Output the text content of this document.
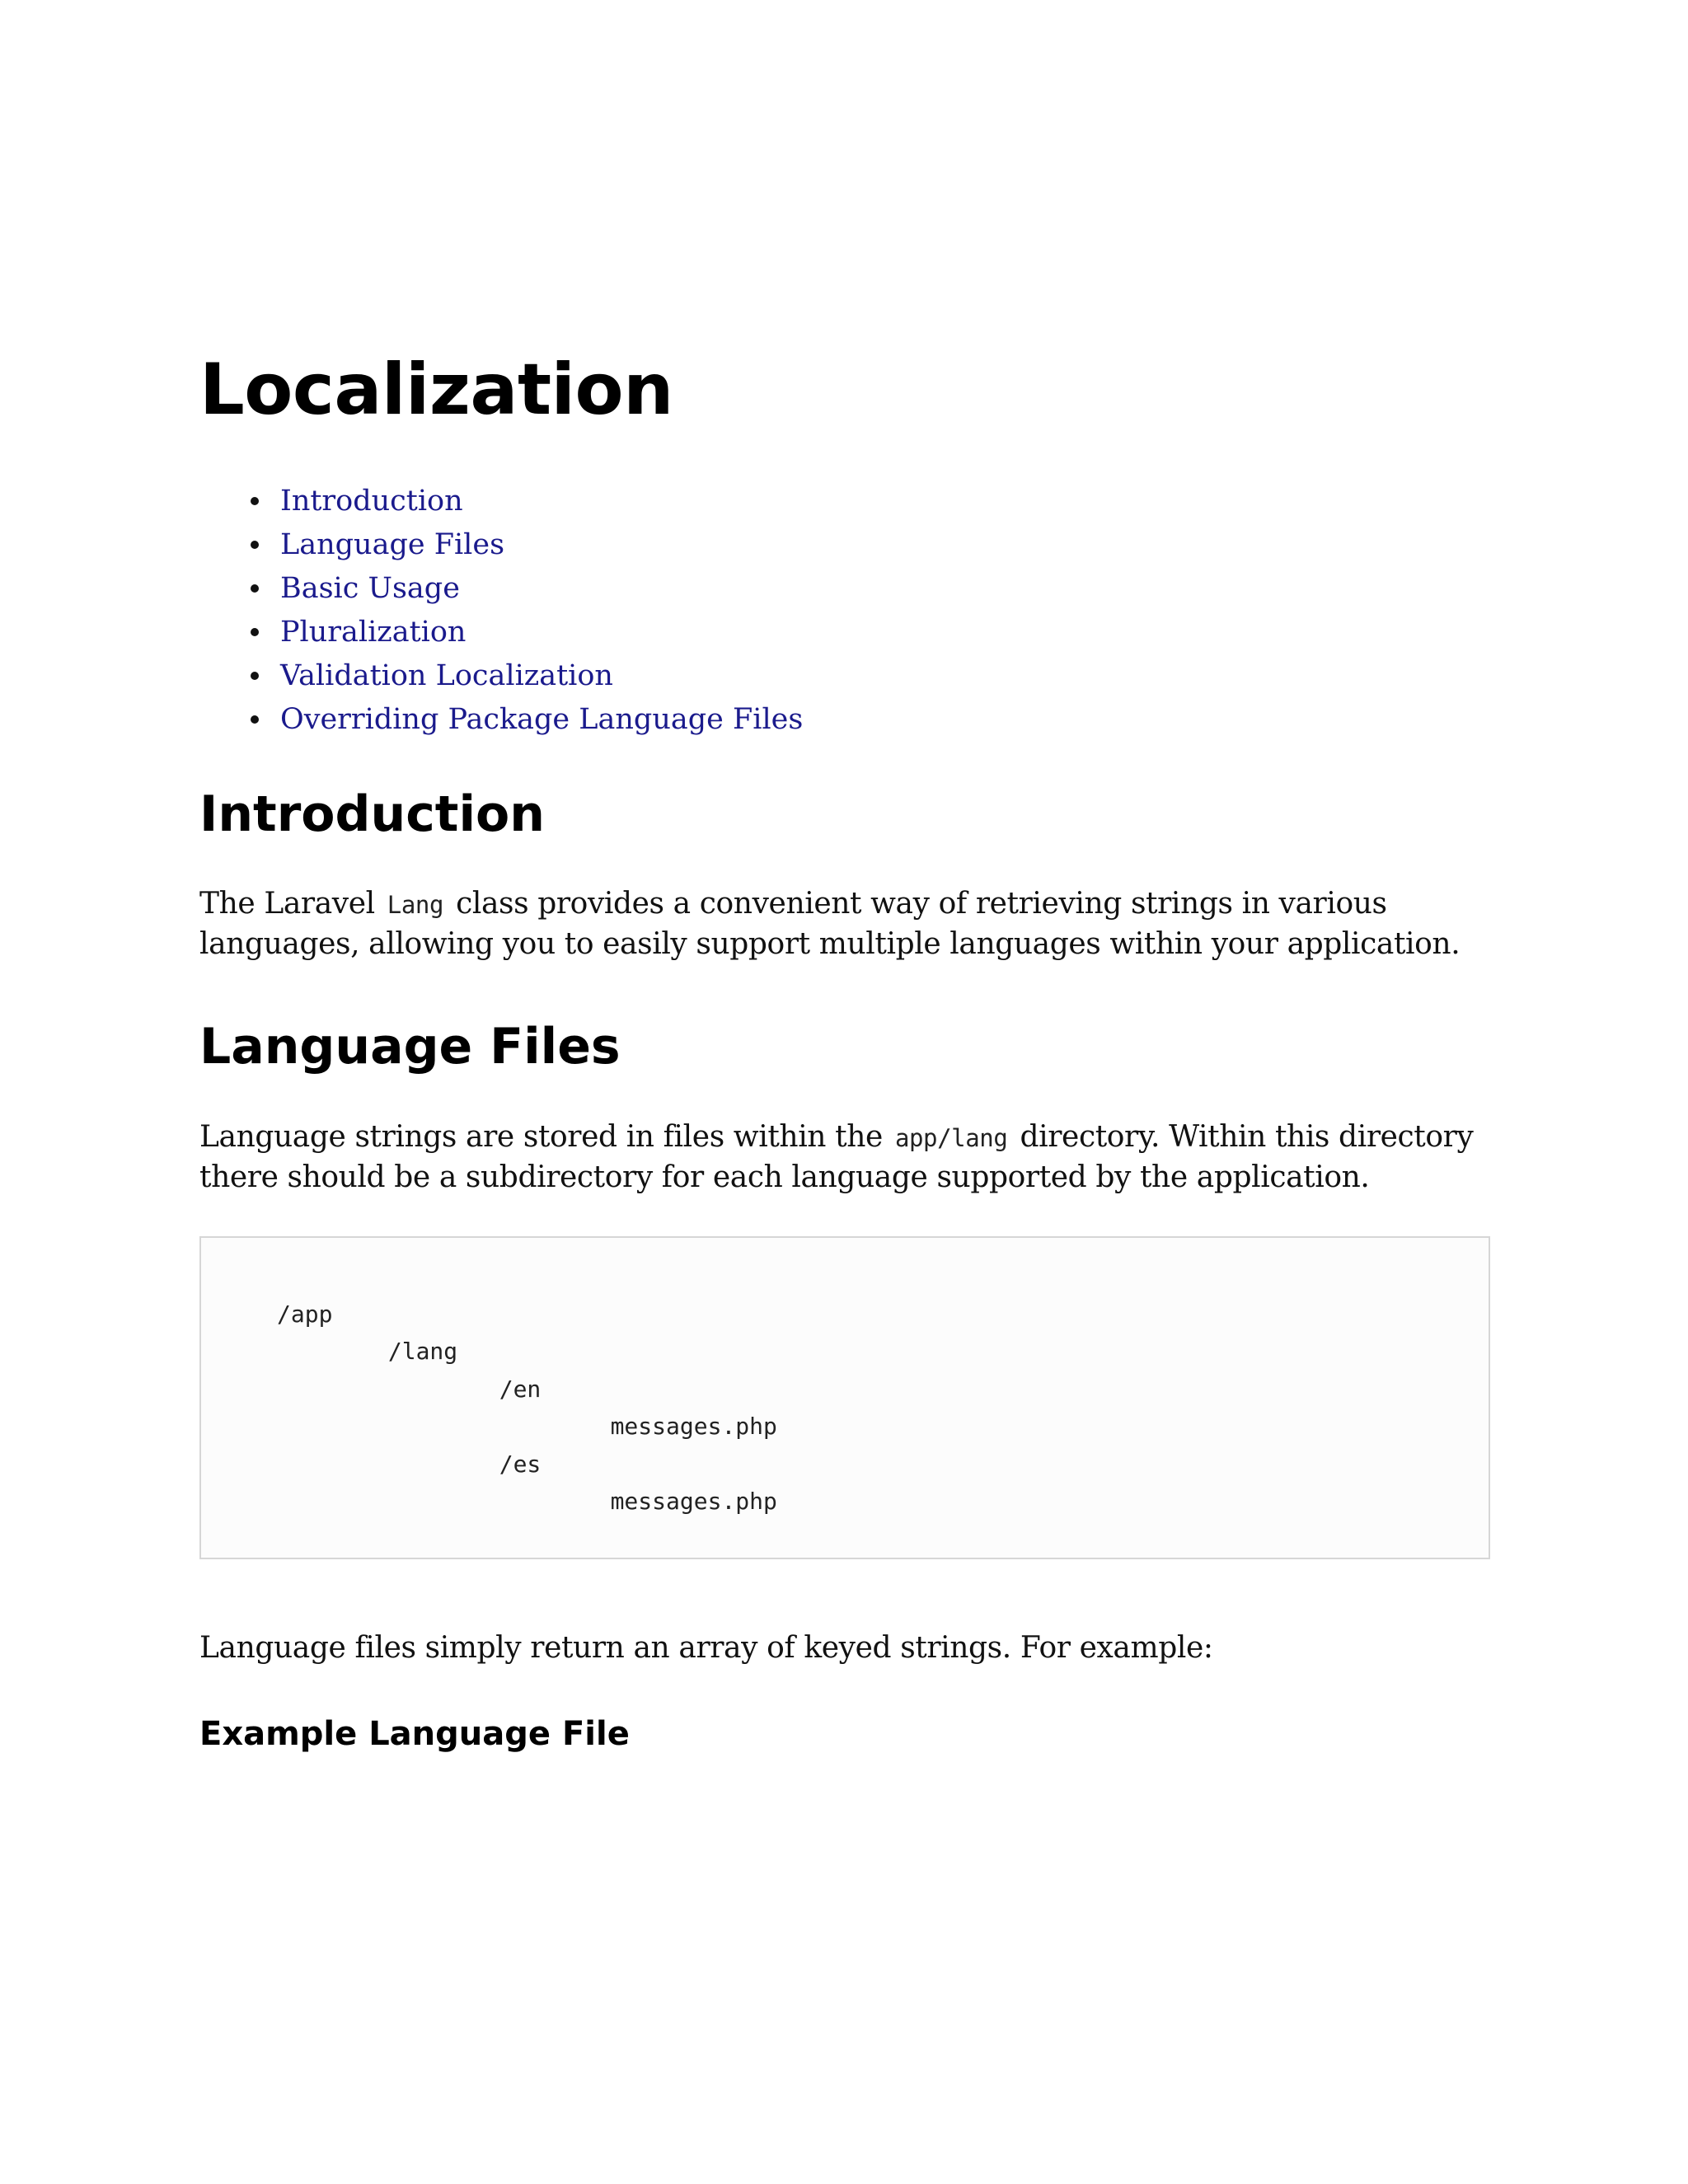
Localization
Introduction
Language Files
Basic Usage
Pluralization
Validation Localization
Overriding Package Language Files
Introduction

The Laravel Lang class provides a convenient way of retrieving strings in various languages, allowing you to easily support multiple languages within your application.

Language Files

Language strings are stored in files within the app/lang directory. Within this directory there should be a subdirectory for each language supported by the application.

/app
/lang
/en
messages.php
/es
messages.php

Language files simply return an array of keyed strings. For example:

Example Language File
